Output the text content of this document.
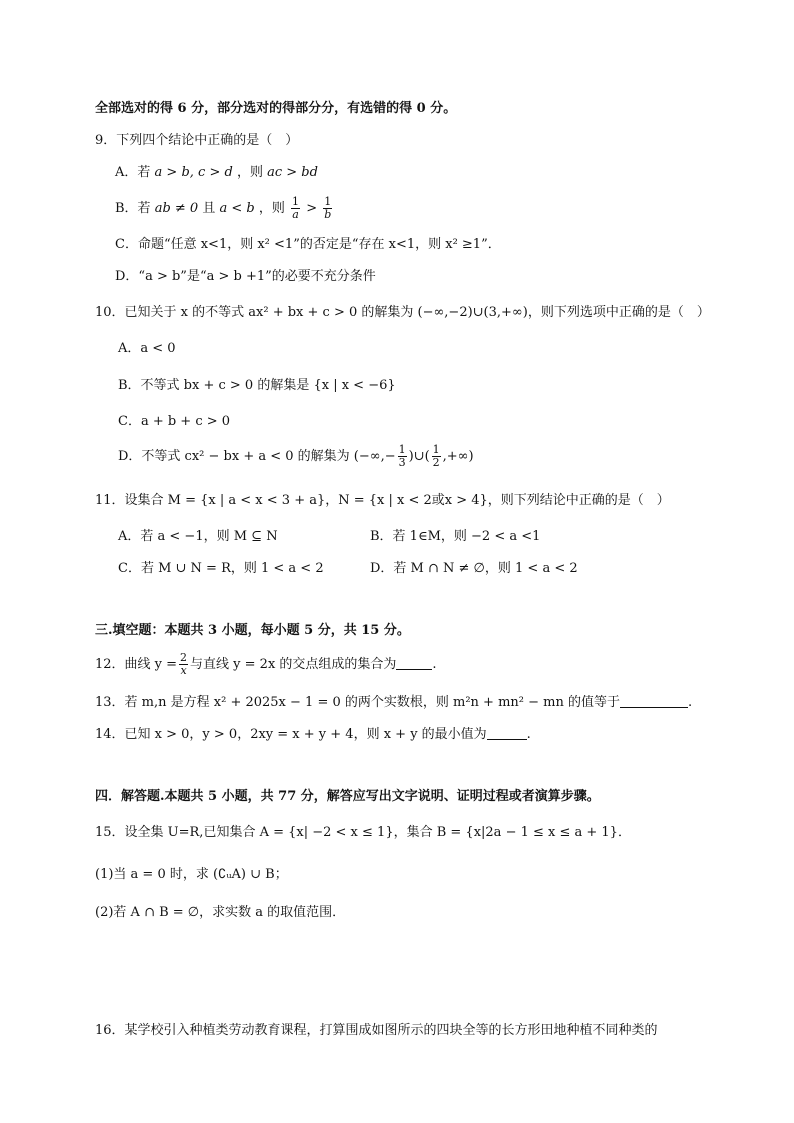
全部选对的得 6 分，部分选对的得部分分，有选错的得 0 分。
9．下列四个结论中正确的是（　）
A．若 a > b, c > d ，则 ac > bd
B．若 ab ≠ 0 且 a < b ，则 $\frac{1}{a} > \frac{1}{b}$
C．命题“任意 x<1，则 x² <1”的否定是“存在 x<1，则 x² ≥1”．
D．“a > b”是“a > b +1”的必要不充分条件
10．已知关于 x 的不等式 ax² + bx + c > 0 的解集为 (−∞,−2)∪(3,+∞)，则下列选项中正确的是（　）
A．a < 0
B．不等式 bx + c > 0 的解集是 {x | x < −6}
C．a + b + c > 0
D．不等式 cx² − bx + a < 0 的解集为 (−∞,− $\frac{1}{3}$ )∪( $\frac{1}{2}$ ,+∞)
11．设集合 M = {x | a < x < 3 + a}，N = {x | x < 2或x > 4}，则下列结论中正确的是（　）
A．若 a < −1，则 M ⊆ N	B．若 1∈M，则 −2 < a <1
C．若 M ∪ N = R，则 1 < a < 2	D．若 M ∩ N ≠ ∅，则 1 < a < 2
三.填空题：本题共 3 小题，每小题 5 分，共 15 分。
12．曲线 $y = \frac{2}{x}$ 与直线 y = 2x 的交点组成的集合为	.
13．若 m,n 是方程 x² + 2025x − 1 = 0 的两个实数根，则 m²n + mn² − mn 的值等于	.
14．已知 x > 0，y > 0，2xy = x + y + 4，则 x + y 的最小值为	.
四．解答题.本题共 5 小题，共 77 分，解答应写出文字说明、证明过程或者演算步骤。
15．设全集 U=R,已知集合 A = {x| −2 < x ≤ 1}，集合 B = {x|2a − 1 ≤ x ≤ a + 1}．
(1)当 a = 0 时，求 (∁ᵤA) ∪ B；
(2)若 A ∩ B = ∅，求实数 a 的取值范围．
16．某学校引入种植类劳动教育课程，打算围成如图所示的四块全等的长方形田地种植不同种类的
